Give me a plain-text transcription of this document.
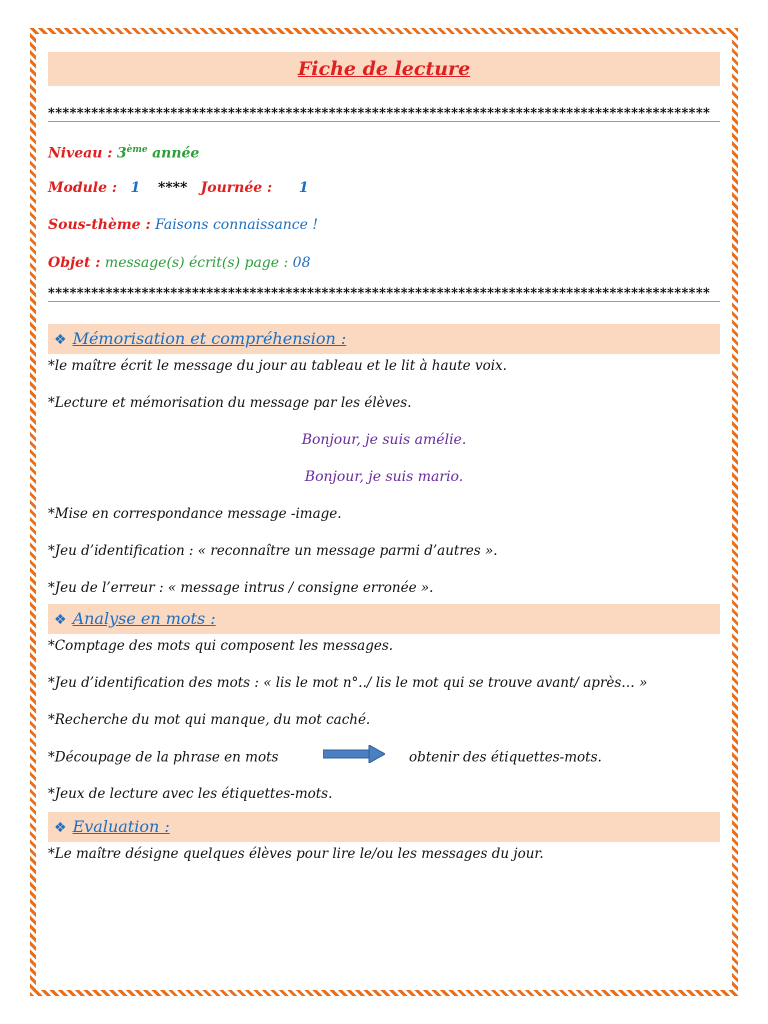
Fiche de lecture
********************************************************************************************

Niveau : 3ème année

Module : 1 **** Journée : 1

Sous-thème : Faisons connaissance !

Objet : message(s) écrit(s) page : 08

********************************************************************************************
❖ Mémorisation et compréhension :
*le maître écrit le message du jour au tableau et le lit à haute voix.
*Lecture et mémorisation du message par les élèves.
Bonjour, je suis amélie.
Bonjour, je suis mario.
*Mise en correspondance message -image.
*Jeu d’identification : « reconnaître un message parmi d’autres ».
*Jeu de l’erreur : « message intrus / consigne erronée ».
❖ Analyse en mots :
*Comptage des mots qui composent les messages.
*Jeu d’identification des mots : « lis le mot n°../ lis le mot qui se trouve avant/ après… »
*Recherche du mot qui manque, du mot caché.
*Découpage de la phrase en mots	obtenir des étiquettes-mots.
*Jeux de lecture avec les étiquettes-mots.
❖ Evaluation :
*Le maître désigne quelques élèves pour lire le/ou les messages du jour.
